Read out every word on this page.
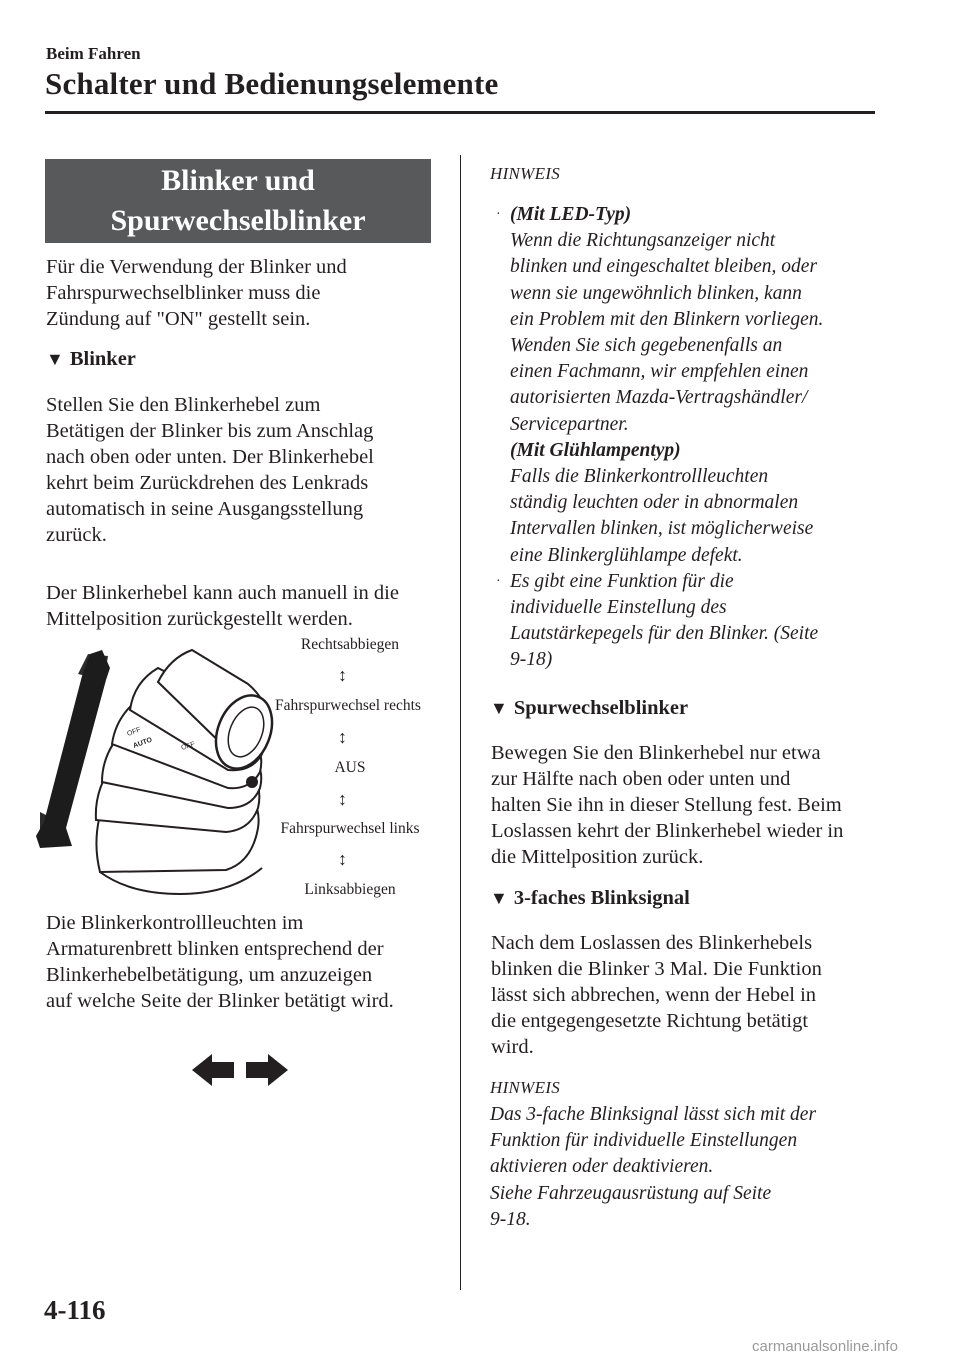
Beim Fahren
Schalter und Bedienungselemente
Blinker und
Spurwechselblinker

Für die Verwendung der Blinker und

Fahrspurwechselblinker muss die

Zündung auf "ON" gestellt sein.

▼ Blinker

Stellen Sie den Blinkerhebel zum

Betätigen der Blinker bis zum Anschlag

nach oben oder unten. Der Blinkerhebel

kehrt beim Zurückdrehen des Lenkrads

automatisch in seine Ausgangsstellung

zurück.

Der Blinkerhebel kann auch manuell in die

Mittelposition zurückgestellt werden.

AUTO
OFF
OFF
Rechtsabbiegen
↕
Fahrspurwechsel rechts
↕
AUS
↕
Fahrspurwechsel links
↕
Linksabbiegen

Die Blinkerkontrollleuchten im

Armaturenbrett blinken entsprechend der

Blinkerhebelbetätigung, um anzuzeigen

auf welche Seite der Blinker betätigt wird.

HINWEIS
· (Mit LED-Typ)
Wenn die Richtungsanzeiger nicht
blinken und eingeschaltet bleiben, oder
wenn sie ungewöhnlich blinken, kann
ein Problem mit den Blinkern vorliegen.
Wenden Sie sich gegebenenfalls an
einen Fachmann, wir empfehlen einen
autorisierten Mazda-Vertragshändler/
Servicepartner.
(Mit Glühlampentyp)
Falls die Blinkerkontrollleuchten
ständig leuchten oder in abnormalen
Intervallen blinken, ist möglicherweise
eine Blinkerglühlampe defekt.
· Es gibt eine Funktion für die
individuelle Einstellung des
Lautstärkepegels für den Blinker. (Seite
9-18)
▼ Spurwechselblinker

Bewegen Sie den Blinkerhebel nur etwa

zur Hälfte nach oben oder unten und

halten Sie ihn in dieser Stellung fest. Beim

Loslassen kehrt der Blinkerhebel wieder in

die Mittelposition zurück.

▼ 3-faches Blinksignal

Nach dem Loslassen des Blinkerhebels

blinken die Blinker 3 Mal. Die Funktion

lässt sich abbrechen, wenn der Hebel in

die entgegengesetzte Richtung betätigt

wird.

HINWEIS
Das 3-fache Blinksignal lässt sich mit der
Funktion für individuelle Einstellungen
aktivieren oder deaktivieren.
Siehe Fahrzeugausrüstung auf Seite
9-18.
4-116
carmanualsonline.info
